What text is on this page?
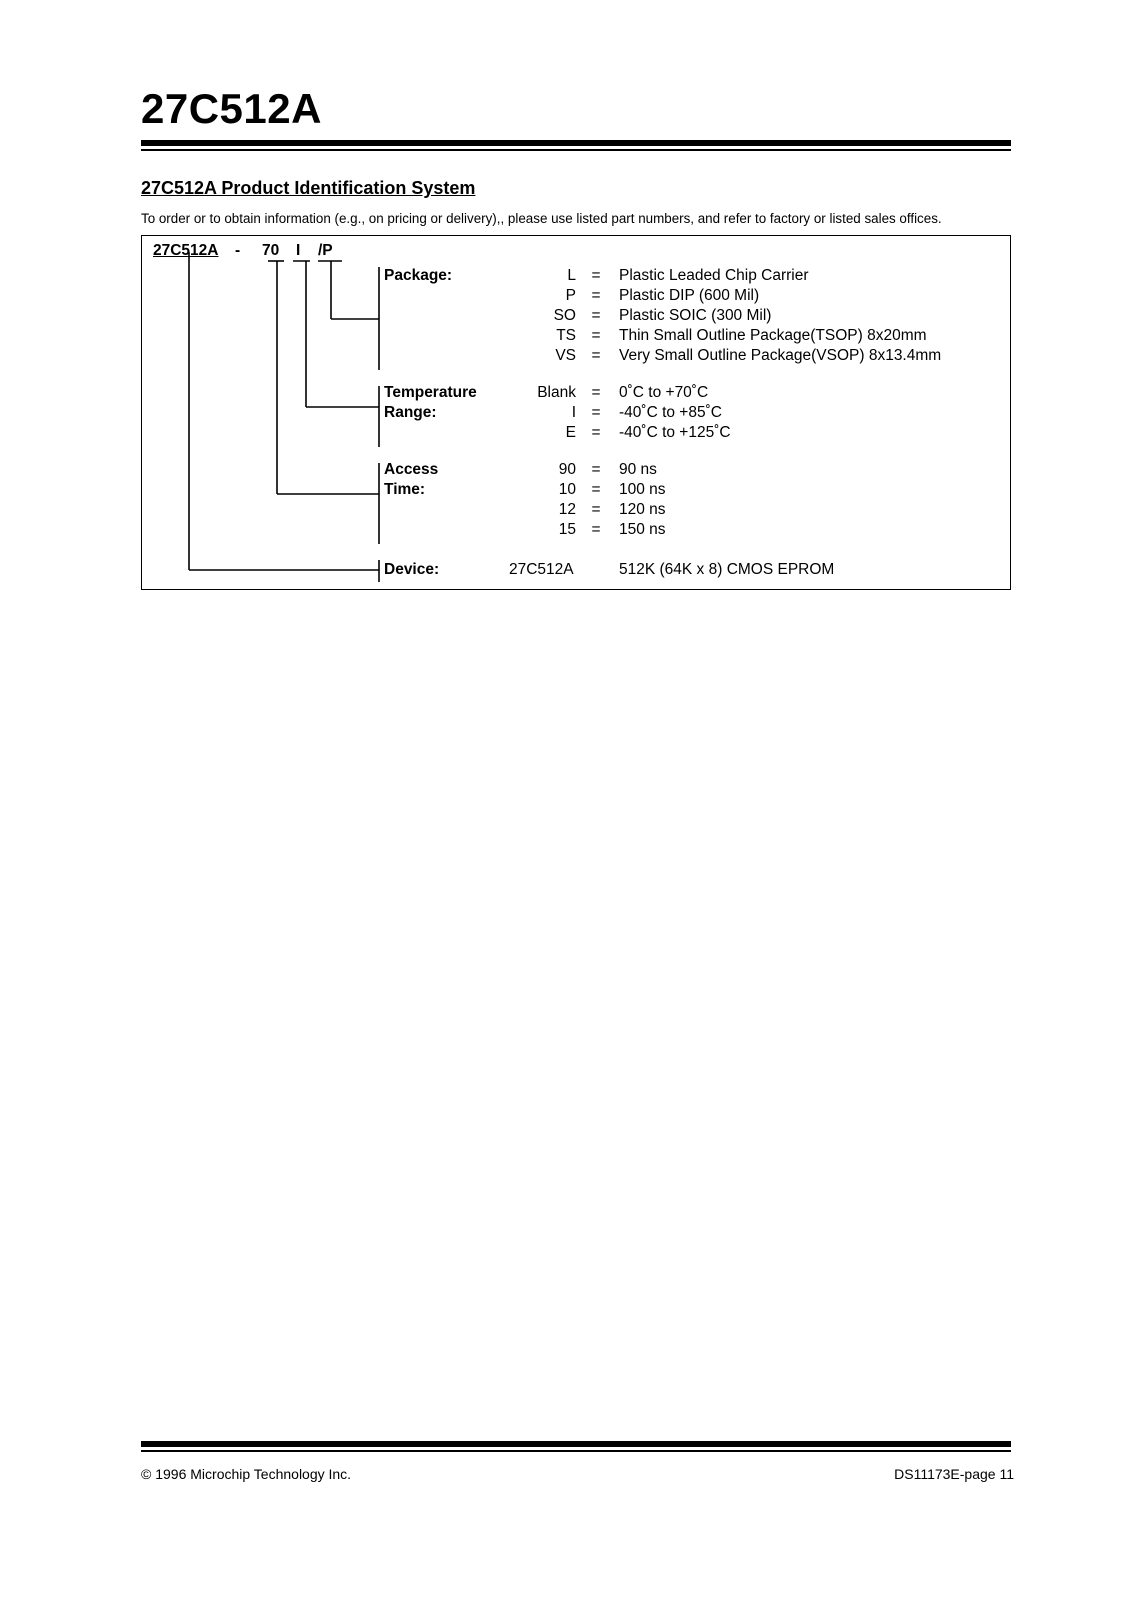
27C512A
27C512A Product Identification System
To order or to obtain information (e.g., on pricing or delivery),, please use listed part numbers, and refer to factory or listed sales offices.
27C512A - 70 I /P
Package:	L =	Plastic Leaded Chip Carrier
P =	Plastic DIP (600 Mil)
SO =	Plastic SOIC (300 Mil)
TS =	Thin Small Outline Package(TSOP) 8x20mm
VS =	Very Small Outline Package(VSOP) 8x13.4mm
Temperature
Range:
Blank =	0˚C to +70˚C
I =	-40˚C to +85˚C
E =	-40˚C to +125˚C
Access
Time:
90 =	90 ns
10 =	100 ns
12 =	120 ns
15 =	150 ns
Device:	27C512A	512K (64K x 8) CMOS EPROM
© 1996 Microchip Technology Inc.	DS11173E-page 11
